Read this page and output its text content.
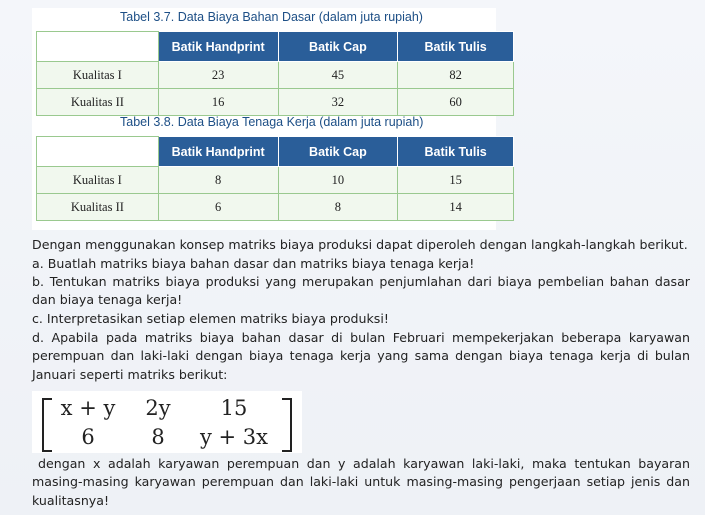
Tabel 3.7. Data Biaya Bahan Dasar (dalam juta rupiah)
	Batik Handprint	Batik Cap	Batik Tulis
Kualitas I	23	45	82
Kualitas II	16	32	60
Tabel 3.8. Data Biaya Tenaga Kerja (dalam juta rupiah)
	Batik Handprint	Batik Cap	Batik Tulis
Kualitas I	8	10	15
Kualitas II	6	8	14
Dengan menggunakan konsep matriks biaya produksi dapat diperoleh dengan langkah-langkah berikut.
a. Buatlah matriks biaya bahan dasar dan matriks biaya tenaga kerja!
b. Tentukan matriks biaya produksi yang merupakan penjumlahan dari biaya pembelian bahan dasar dan biaya tenaga kerja!
c. Interpretasikan setiap elemen matriks biaya produksi!
d. Apabila pada matriks biaya bahan dasar di bulan Februari mempekerjakan beberapa karyawan perempuan dan laki-laki dengan biaya tenaga kerja yang sama dengan biaya tenaga kerja di bulan Januari seperti matriks berikut:
x + y	2y	15
6	8	y + 3x
dengan x adalah karyawan perempuan dan y adalah karyawan laki-laki, maka tentukan bayaran masing-masing karyawan perempuan dan laki-laki untuk masing-masing pengerjaan setiap jenis dan kualitasnya!
